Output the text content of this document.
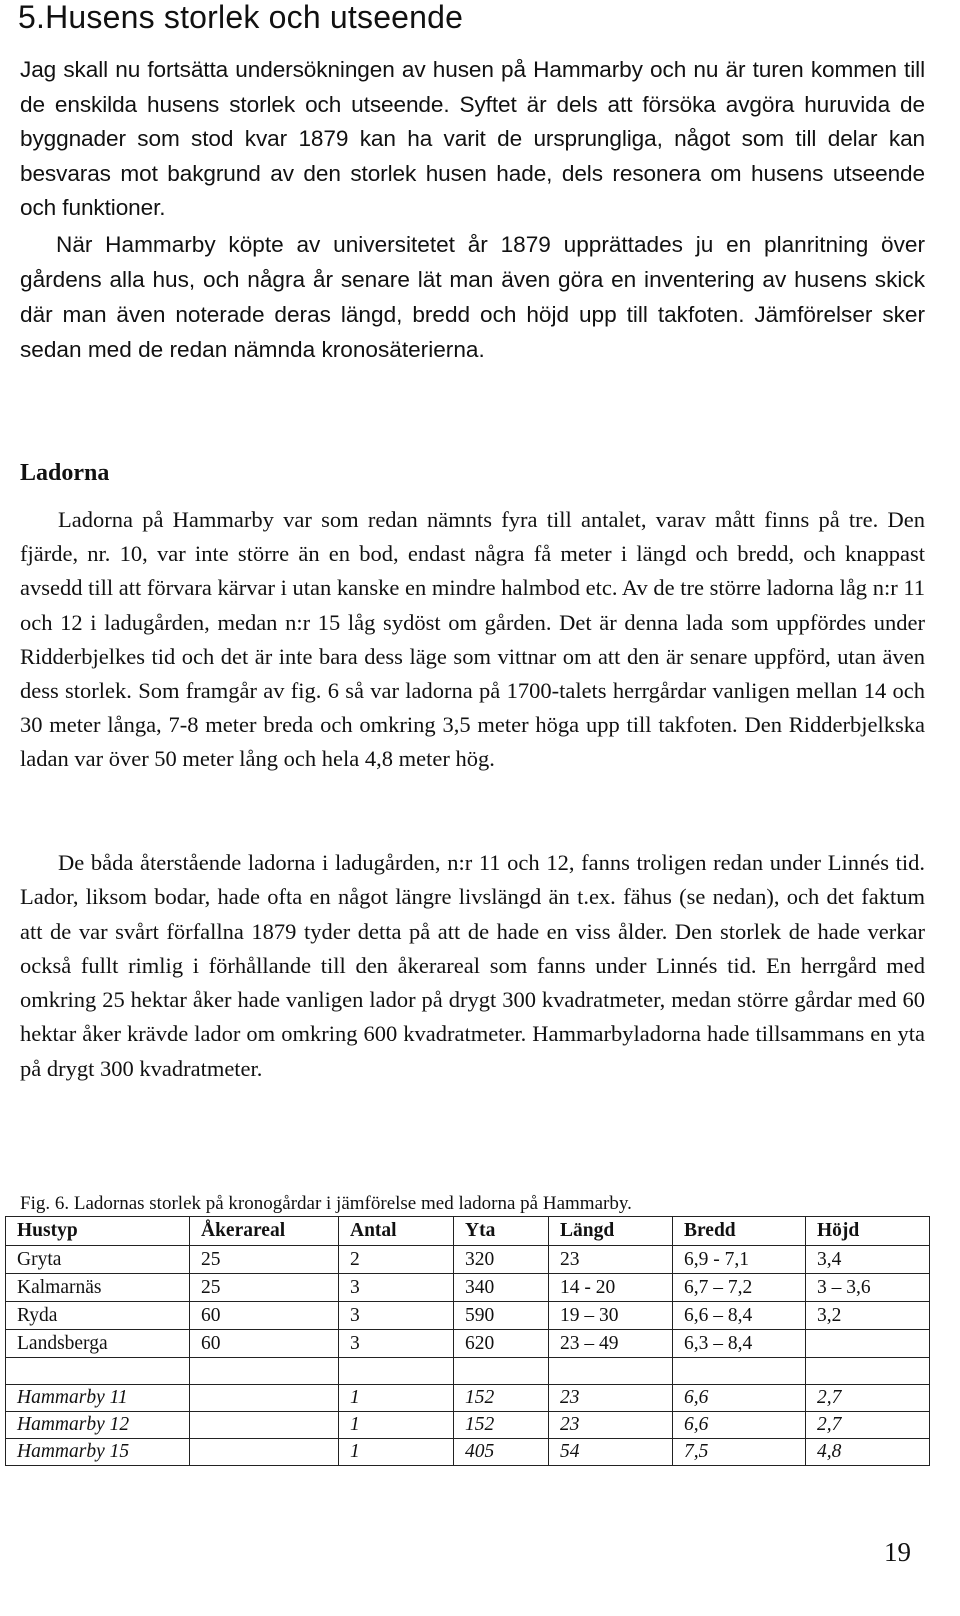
5.Husens storlek och utseende

Jag skall nu fortsätta undersökningen av husen på Hammarby och nu är turen kommen till de enskilda husens storlek och utseende. Syftet är dels att försöka avgöra huruvida de byggnader som stod kvar 1879 kan ha varit de ursprungliga, något som till delar kan besvaras mot bakgrund av den storlek husen hade, dels resonera om husens utseende och funktioner.

När Hammarby köpte av universitetet år 1879 upprättades ju en planritning över gårdens alla hus, och några år senare lät man även göra en inventering av husens skick där man även noterade deras längd, bredd och höjd upp till takfoten. Jämförelser sker sedan med de redan nämnda kronosäterierna.

Ladorna

Ladorna på Hammarby var som redan nämnts fyra till antalet, varav mått finns på tre. Den fjärde, nr. 10, var inte större än en bod, endast några få meter i längd och bredd, och knappast avsedd till att förvara kärvar i utan kanske en mindre halmbod etc. Av de tre större ladorna låg n:r 11 och 12 i ladugården, medan n:r 15 låg sydöst om gården. Det är denna lada som uppfördes under Ridderbjelkes tid och det är inte bara dess läge som vittnar om att den är senare uppförd, utan även dess storlek. Som framgår av fig. 6 så var ladorna på 1700-talets herrgårdar vanligen mellan 14 och 30 meter långa, 7-8 meter breda och omkring 3,5 meter höga upp till takfoten. Den Ridderbjelkska ladan var över 50 meter lång och hela 4,8 meter hög.

De båda återstående ladorna i ladugården, n:r 11 och 12, fanns troligen redan under Linnés tid. Lador, liksom bodar, hade ofta en något längre livslängd än t.ex. fähus (se nedan), och det faktum att de var svårt förfallna 1879 tyder detta på att de hade en viss ålder. Den storlek de hade verkar också fullt rimlig i förhållande till den åkerareal som fanns under Linnés tid. En herrgård med omkring 25 hektar åker hade vanligen lador på drygt 300 kvadratmeter, medan större gårdar med 60 hektar åker krävde lador om omkring 600 kvadratmeter. Hammarbyladorna hade tillsammans en yta på drygt 300 kvadratmeter.

Fig. 6. Ladornas storlek på kronogårdar i jämförelse med ladorna på Hammarby.

Hustyp	Åkerareal	Antal	Yta	Längd	Bredd	Höjd
Gryta	25	2	320	23	6,9 - 7,1	3,4
Kalmarnäs	25	3	340	14 - 20	6,7 – 7,2	3 – 3,6
Ryda	60	3	590	19 – 30	6,6 – 8,4	3,2
Landsberga	60	3	620	23 – 49	6,3 – 8,4	

Hammarby 11		1	152	23	6,6	2,7
Hammarby 12		1	152	23	6,6	2,7
Hammarby 15		1	405	54	7,5	4,8

19
